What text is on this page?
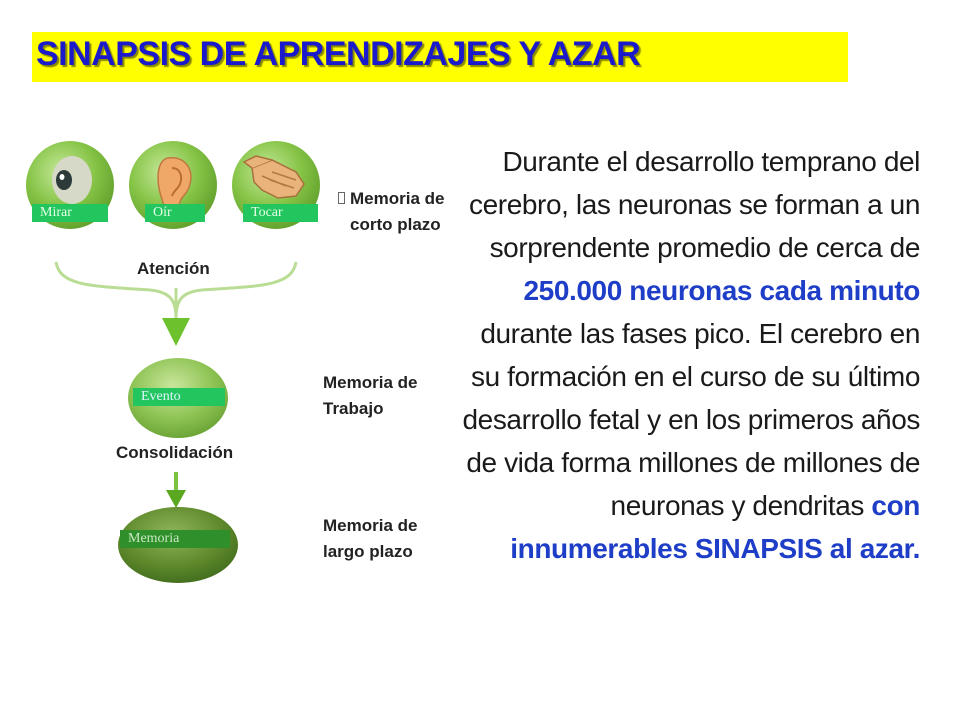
SINAPSIS DE APRENDIZAJES Y AZAR
Mirar	Oír	Tocar
Atención
Evento
Consolidación
Memoria
Memoria de
corto plazo
Memoria de
Trabajo
Memoria de
largo plazo
Durante el desarrollo temprano del cerebro, las neuronas se forman a un sorprendente promedio de cerca de 250.000 neuronas cada minuto durante las fases pico. El cerebro en su formación en el curso de su último desarrollo fetal y en los primeros años de vida forma millones de millones de neuronas y dendritas con innumerables SINAPSIS al azar.
